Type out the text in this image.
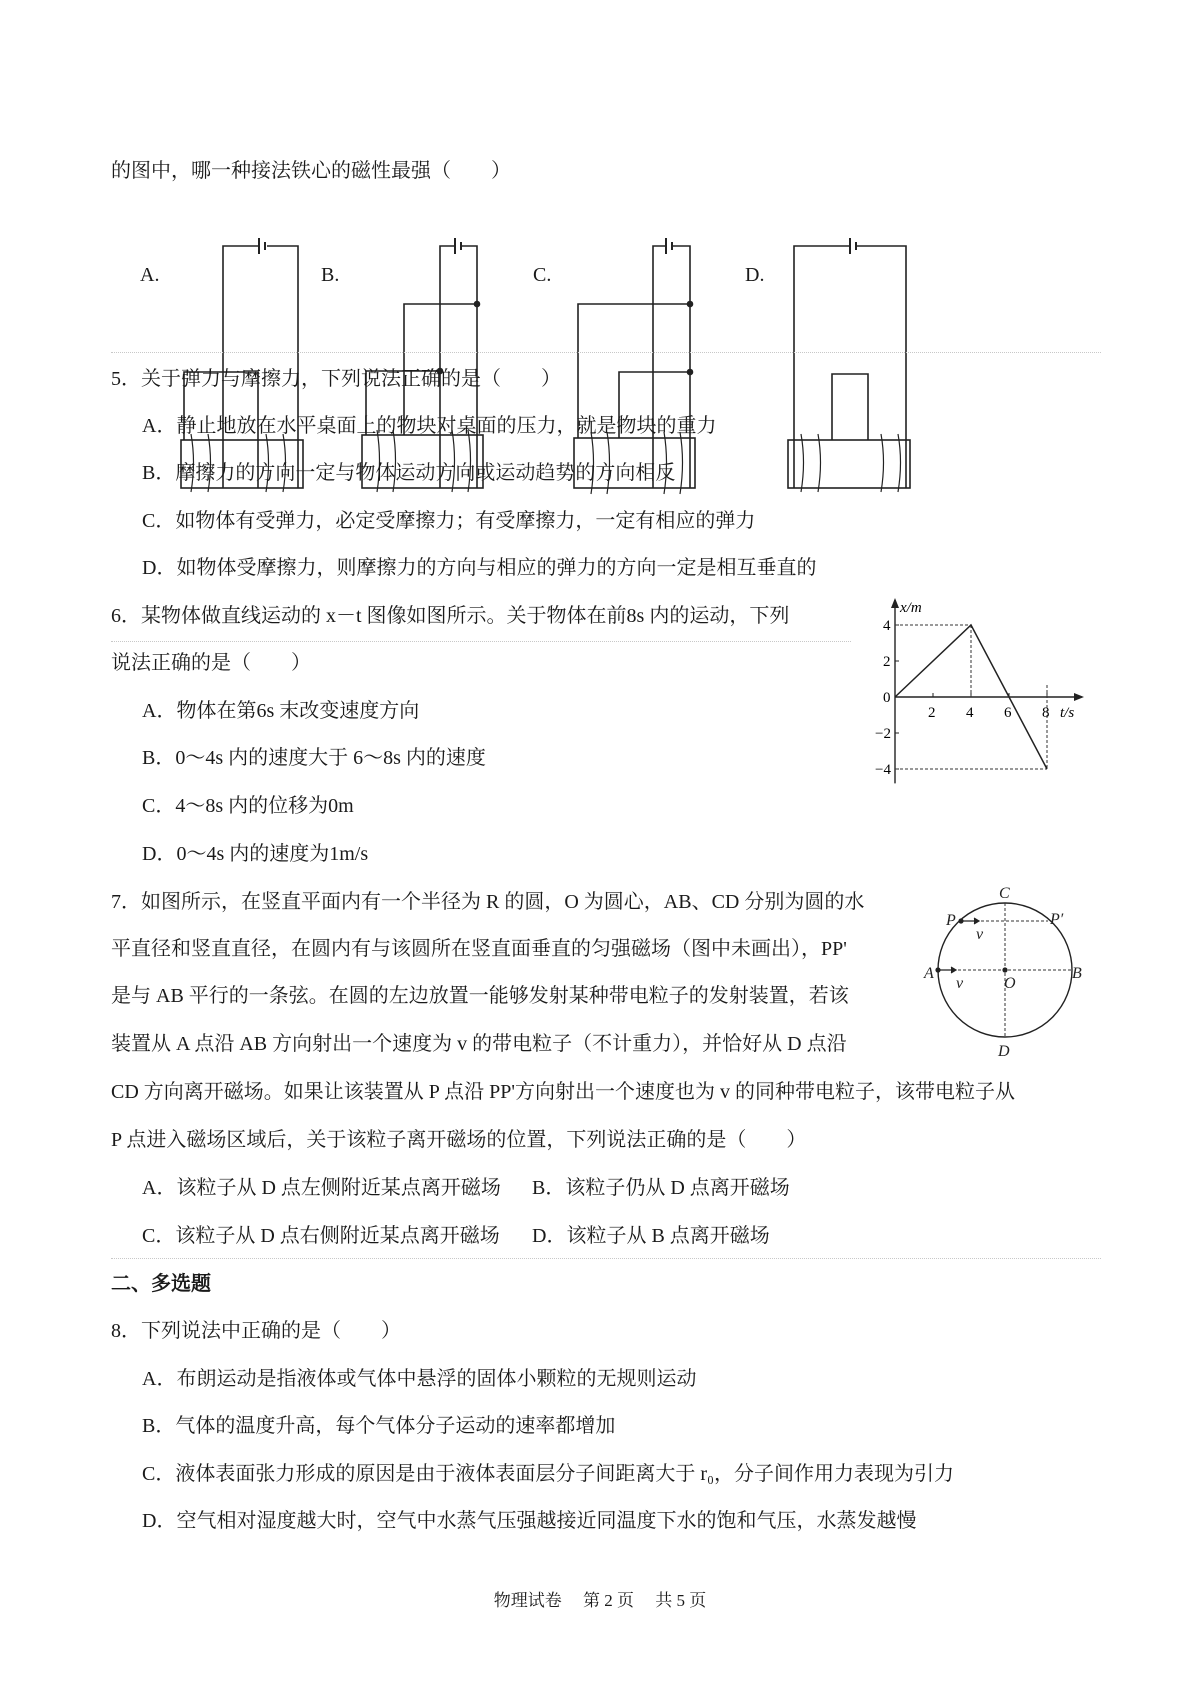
的图中，哪一种接法铁心的磁性最强（　　）
A.	B.	C.	D.
5．关于弹力与摩擦力，下列说法正确的是（　　）
A．静止地放在水平桌面上的物块对桌面的压力，就是物块的重力
B．摩擦力的方向一定与物体运动方向或运动趋势的方向相反
C．如物体有受弹力，必定受摩擦力；有受摩擦力，一定有相应的弹力
D．如物体受摩擦力，则摩擦力的方向与相应的弹力的方向一定是相互垂直的
6．某物体做直线运动的 x－t 图像如图所示。关于物体在前8s 内的运动，下列
说法正确的是（　　）
A．物体在第6s 末改变速度方向
B．0～4s 内的速度大于 6～8s 内的速度
C．4～8s 内的位移为0m
D．0～4s 内的速度为1m/s
x/m
t/s
2 4 6 8
4
2
0
−2
−4
7．如图所示，在竖直平面内有一个半径为 R 的圆，O 为圆心，AB、CD 分别为圆的水
平直径和竖直直径，在圆内有与该圆所在竖直面垂直的匀强磁场（图中未画出），PP'
是与 AB 平行的一条弦。在圆的左边放置一能够发射某种带电粒子的发射装置，若该
装置从 A 点沿 AB 方向射出一个速度为 v 的带电粒子（不计重力），并恰好从 D 点沿
CD 方向离开磁场。如果让该装置从 P 点沿 PP'方向射出一个速度也为 v 的同种带电粒子，该带电粒子从
P 点进入磁场区域后，关于该粒子离开磁场的位置，下列说法正确的是（　　）
A．该粒子从 D 点左侧附近某点离开磁场 B．该粒子仍从 D 点离开磁场
C．该粒子从 D 点右侧附近某点离开磁场 D．该粒子从 B 点离开磁场
C
P	P′
v
A
v	O
B
D
二、多选题
8．下列说法中正确的是（　　）
A．布朗运动是指液体或气体中悬浮的固体小颗粒的无规则运动
B．气体的温度升高，每个气体分子运动的速率都增加
C．液体表面张力形成的原因是由于液体表面层分子间距离大于 r₀，分子间作用力表现为引力
D．空气相对湿度越大时，空气中水蒸气压强越接近同温度下水的饱和气压，水蒸发越慢
物理试卷　 第 2 页　 共 5 页
